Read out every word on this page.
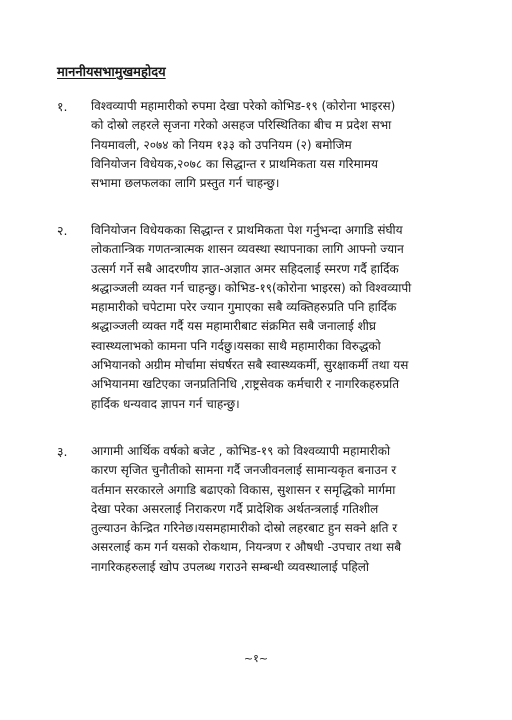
माननीयसभामुखमहोदय
१.	विश्वव्यापी महामारीको रुपमा देखा परेको कोभिड-१९ (कोरोना भाइरस)
को दोस्रो लहरले सृजना गरेको असहज परिस्थितिका बीच म प्रदेश सभा
नियमावली, २०७४ को नियम १३३ को उपनियम (२) बमोजिम
विनियोजन विधेयक,२०७८ का सिद्धान्त र प्राथमिकता यस गरिमामय
सभामा छलफलका लागि प्रस्तुत गर्न चाहन्छु।
२.	विनियोजन विधेयकका सिद्धान्त र प्राथमिकता पेश गर्नुभन्दा अगाडि संघीय
लोकतान्त्रिक गणतन्त्रात्मक शासन व्यवस्था स्थापनाका लागि आफ्नो ज्यान
उत्सर्ग गर्ने सबै आदरणीय ज्ञात-अज्ञात अमर सहिदलाई स्मरण गर्दै हार्दिक
श्रद्धाञ्जली व्यक्त गर्न चाहन्छु। कोभिड-१९(कोरोना भाइरस) को विश्वव्यापी
महामारीको चपेटामा परेर ज्यान गुमाएका सबै व्यक्तिहरुप्रति पनि हार्दिक
श्रद्धाञ्जली व्यक्त गर्दै यस महामारीबाट संक्रमित सबै जनालाई शीघ्र
स्वास्थ्यलाभको कामना पनि गर्दछु।यसका साथै महामारीका विरुद्धको
अभियानको अग्रीम मोर्चामा संघर्षरत सबै स्वास्थ्यकर्मी, सुरक्षाकर्मी तथा यस
अभियानमा खटिएका जनप्रतिनिधि ,राष्ट्रसेवक कर्मचारी र नागरिकहरुप्रति
हार्दिक धन्यवाद ज्ञापन गर्न चाहन्छु।
३.	आगामी आर्थिक वर्षको बजेट , कोभिड-१९ को विश्वव्यापी महामारीको
कारण सृजित चुनौतीको सामना गर्दै जनजीवनलाई सामान्यकृत बनाउन र
वर्तमान सरकारले अगाडि बढाएको विकास, सुशासन र समृद्धिको मार्गमा
देखा परेका असरलाई निराकरण गर्दै प्रादेशिक अर्थतन्त्रलाई गतिशील
तुल्याउन केन्द्रित गरिनेछ।यसमहामारीको दोस्रो लहरबाट हुन सक्ने क्षति र
असरलाई कम गर्न यसको रोकथाम, नियन्त्रण र औषधी -उपचार तथा सबै
नागरिकहरुलाई खोप उपलब्ध गराउने सम्बन्धी व्यवस्थालाई पहिलो
~१~
